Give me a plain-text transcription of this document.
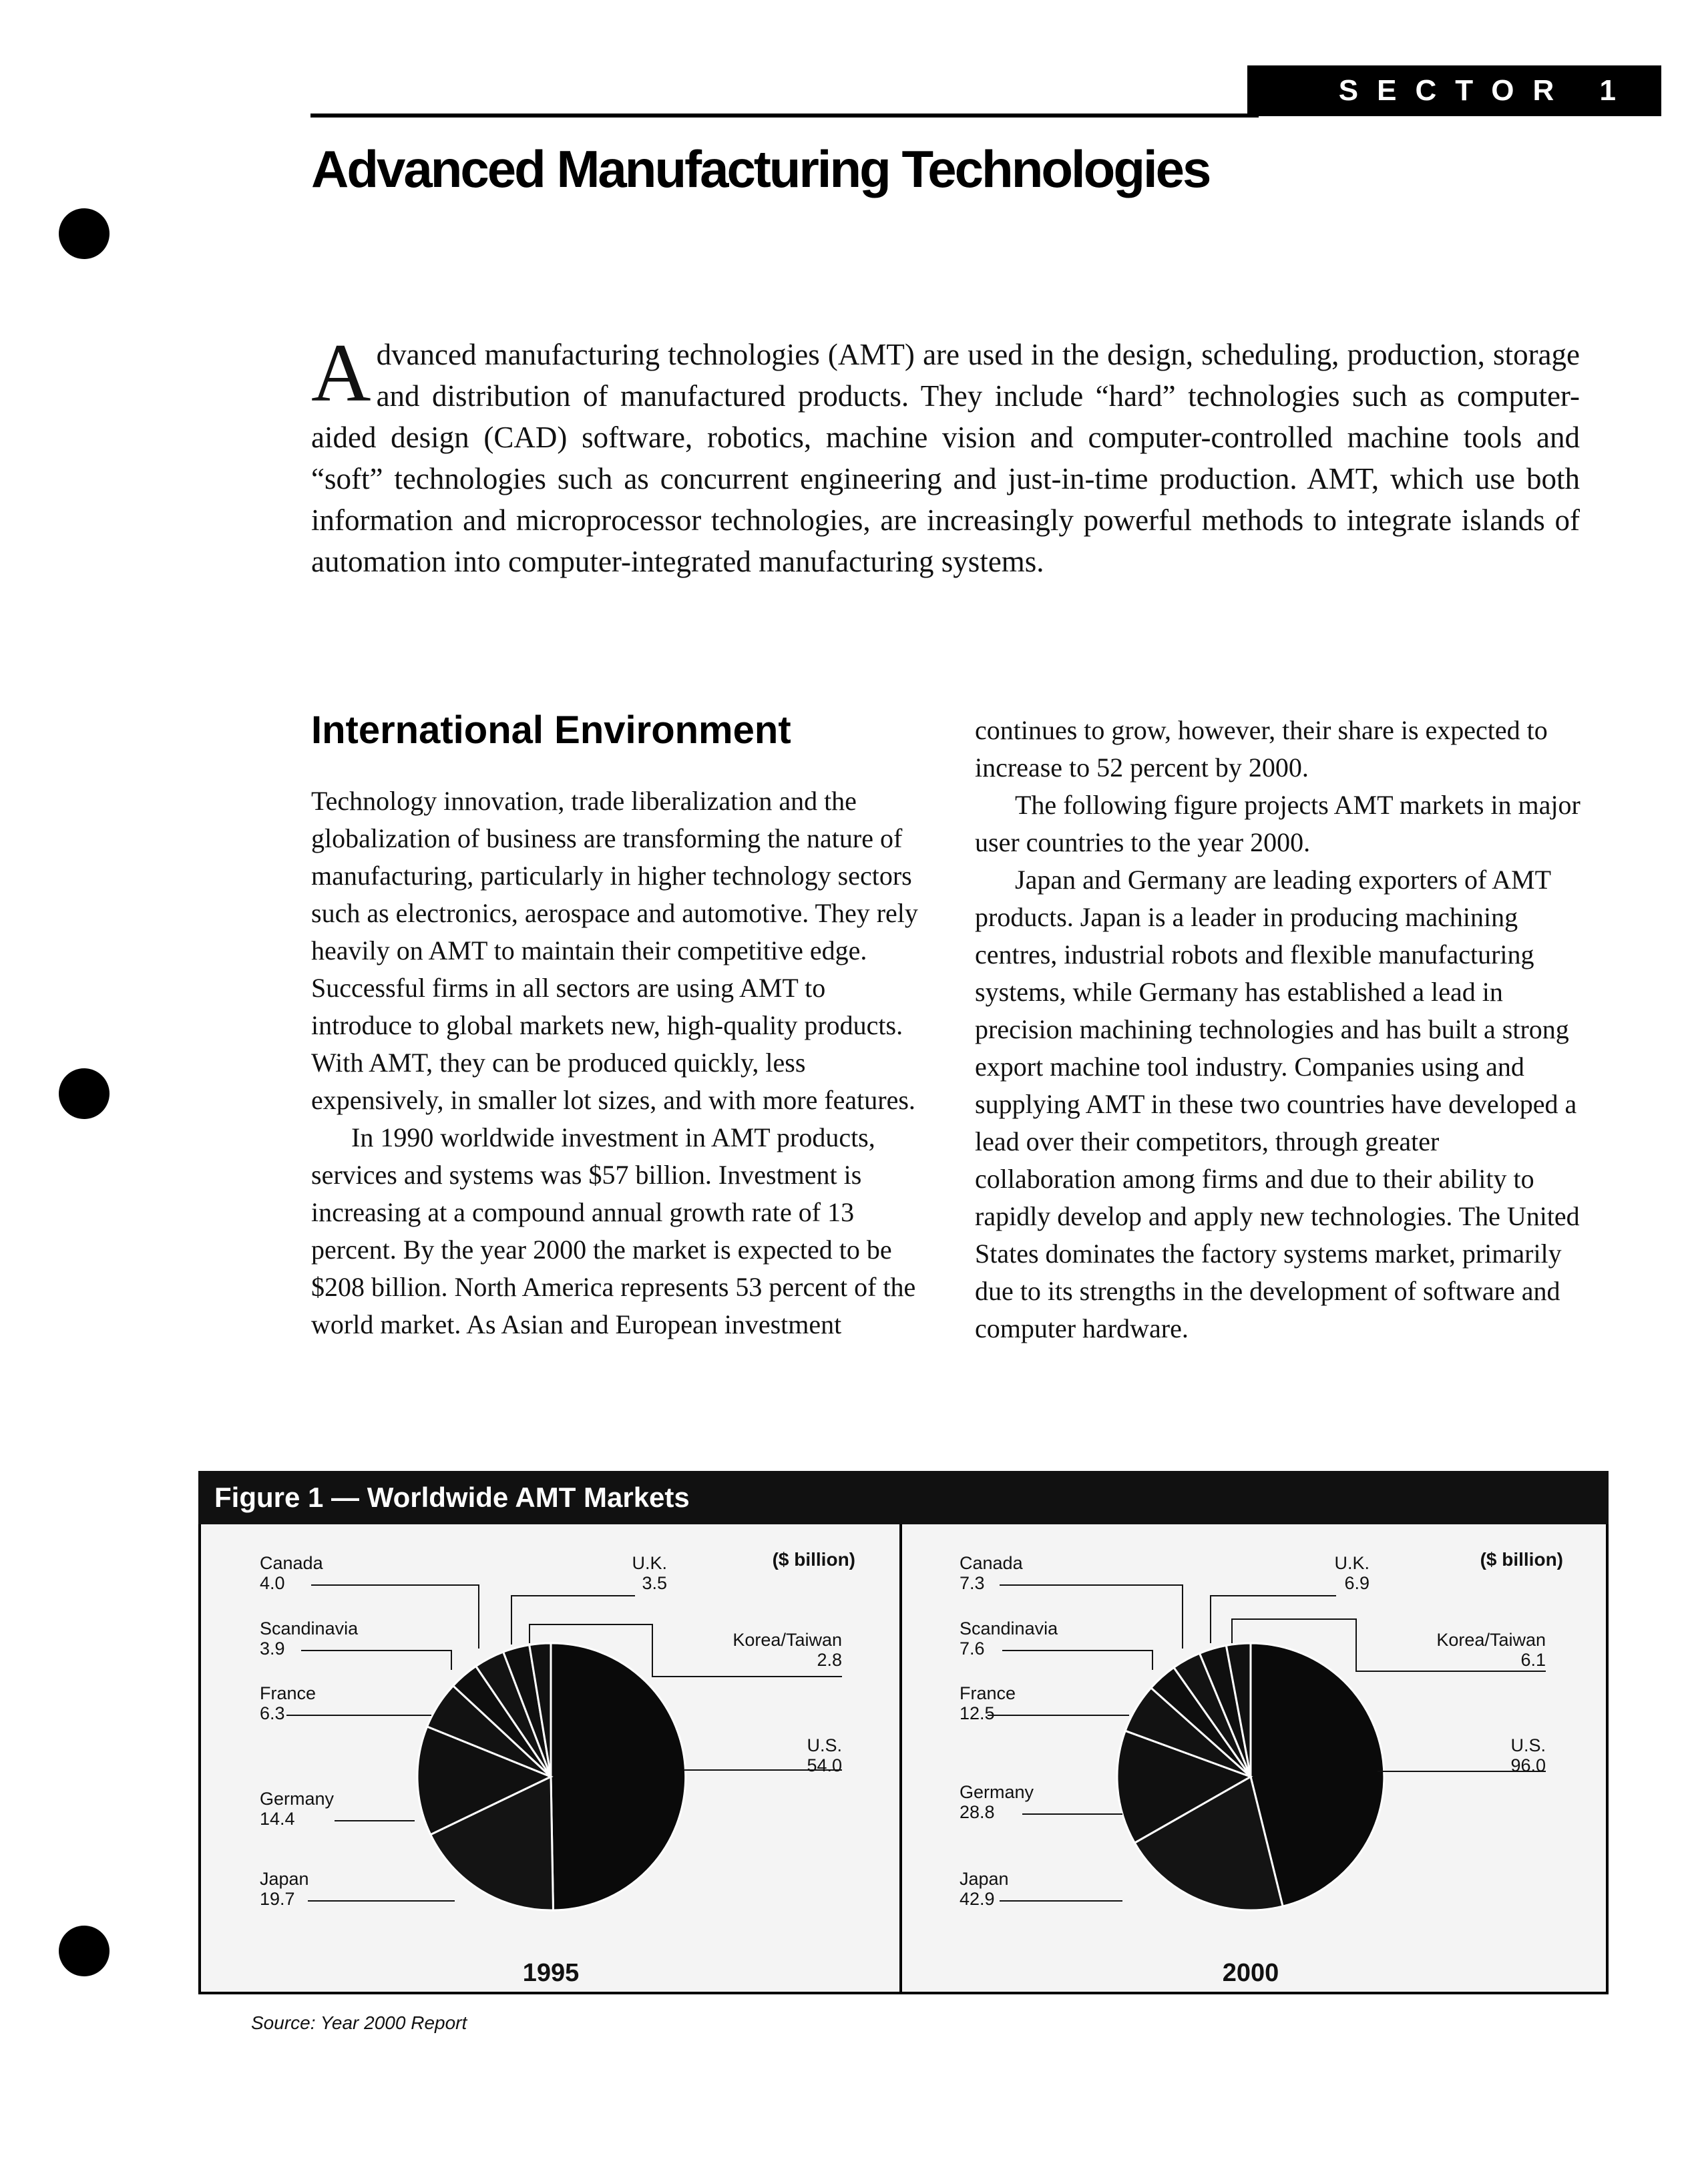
SECTOR 1
Advanced Manufacturing Technologies

Advanced manufacturing technologies (AMT) are used in the design, scheduling, production, storage and distribution of manufactured products. They include “hard” technologies such as computer-aided design (CAD) software, robotics, machine vision and computer-controlled machine tools and “soft” technologies such as concurrent engineering and just-in-time production. AMT, which use both information and microprocessor technologies, are increasingly powerful methods to integrate islands of automation into computer-integrated manufacturing systems.

International Environment

Technology innovation, trade liberalization and the globalization of business are transforming the nature of manufacturing, particularly in higher technology sectors such as electronics, aerospace and automotive. They rely heavily on AMT to maintain their competitive edge. Successful firms in all sectors are using AMT to introduce to global markets new, high-quality products. With AMT, they can be produced quickly, less expensively, in smaller lot sizes, and with more features.

In 1990 worldwide investment in AMT products, services and systems was $57 billion. Investment is increasing at a compound annual growth rate of 13 percent. By the year 2000 the market is expected to be $208 billion. North America represents 53 percent of the world market. As Asian and European investment

continues to grow, however, their share is expected to increase to 52 percent by 2000.

The following figure projects AMT markets in major user countries to the year 2000.

Japan and Germany are leading exporters of AMT products. Japan is a leader in producing machining centres, industrial robots and flexible manufacturing systems, while Germany has established a lead in precision machining technologies and has built a strong export machine tool industry. Companies using and supplying AMT in these two countries have developed a lead over their competitors, through greater collaboration among firms and due to their ability to rapidly develop and apply new technologies. The United States dominates the factory systems market, primarily due to its strengths in the development of software and computer hardware.

Figure 1 — Worldwide AMT Markets
U.S.
54.0
Japan
19.7
Germany
14.4
France
6.3
Scandinavia
3.9
Canada
4.0
U.K.
3.5
Korea/Taiwan
2.8
($ billion)
1995
U.S.
96.0
Japan
42.9
Germany
28.8
France
12.5
Scandinavia
7.6
Canada
7.3
U.K.
6.9
Korea/Taiwan
6.1
($ billion)
2000
Source: Year 2000 Report
